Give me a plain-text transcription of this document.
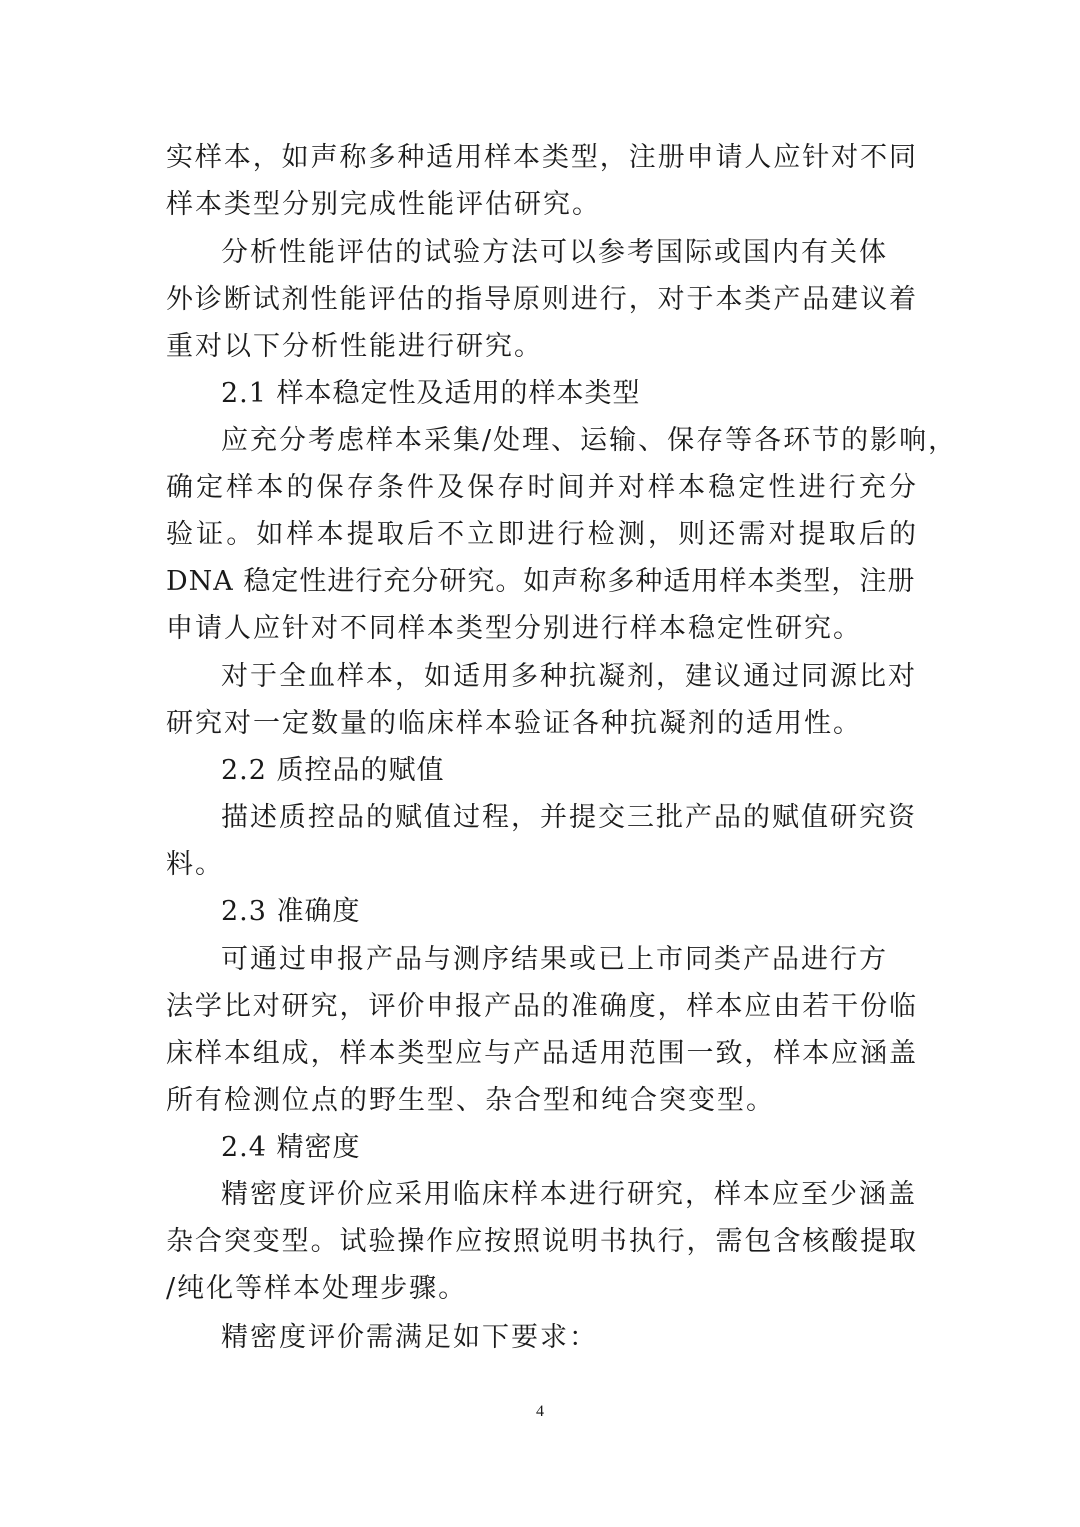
实样本，如声称多种适用样本类型，注册申请人应针对不同
样本类型分别完成性能评估研究。
分析性能评估的试验方法可以参考国际或国内有关体
外诊断试剂性能评估的指导原则进行，对于本类产品建议着
重对以下分析性能进行研究。
2.1 样本稳定性及适用的样本类型
应充分考虑样本采集/处理、运输、保存等各环节的影响，
确定样本的保存条件及保存时间并对样本稳定性进行充分
验证。如样本提取后不立即进行检测，则还需对提取后的
DNA 稳定性进行充分研究。如声称多种适用样本类型，注册
申请人应针对不同样本类型分别进行样本稳定性研究。
对于全血样本，如适用多种抗凝剂，建议通过同源比对
研究对一定数量的临床样本验证各种抗凝剂的适用性。
2.2 质控品的赋值
描述质控品的赋值过程，并提交三批产品的赋值研究资
料。
2.3 准确度
可通过申报产品与测序结果或已上市同类产品进行方
法学比对研究，评价申报产品的准确度，样本应由若干份临
床样本组成，样本类型应与产品适用范围一致，样本应涵盖
所有检测位点的野生型、杂合型和纯合突变型。
2.4 精密度
精密度评价应采用临床样本进行研究，样本应至少涵盖
杂合突变型。试验操作应按照说明书执行，需包含核酸提取
/纯化等样本处理步骤。
精密度评价需满足如下要求：
4
